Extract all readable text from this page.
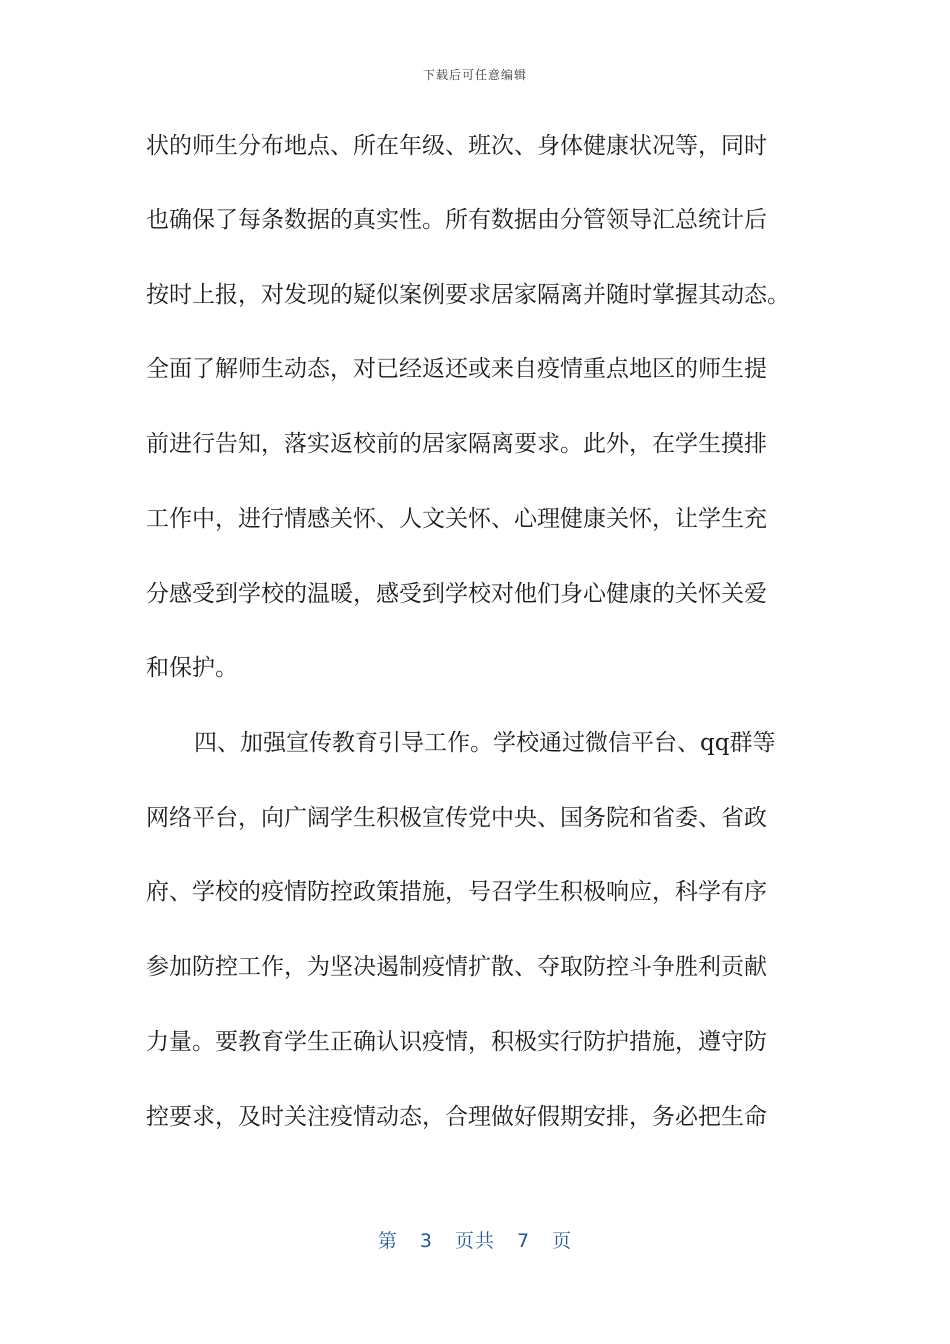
下载后可任意编辑
状的师生分布地点、所在年级、班次、身体健康状况等，同时
也确保了每条数据的真实性。所有数据由分管领导汇总统计后
按时上报，对发现的疑似案例要求居家隔离并随时掌握其动态。
全面了解师生动态，对已经返还或来自疫情重点地区的师生提
前进行告知，落实返校前的居家隔离要求。此外，在学生摸排
工作中，进行情感关怀、人文关怀、心理健康关怀，让学生充
分感受到学校的温暖，感受到学校对他们身心健康的关怀关爱
和保护。
四、加强宣传教育引导工作。学校通过微信平台、qq群等
网络平台，向广阔学生积极宣传党中央、国务院和省委、省政
府、学校的疫情防控政策措施，号召学生积极响应，科学有序
参加防控工作，为坚决遏制疫情扩散、夺取防控斗争胜利贡献
力量。要教育学生正确认识疫情，积极实行防护措施，遵守防
控要求，及时关注疫情动态，合理做好假期安排，务必把生命
第 3 页共 7 页
